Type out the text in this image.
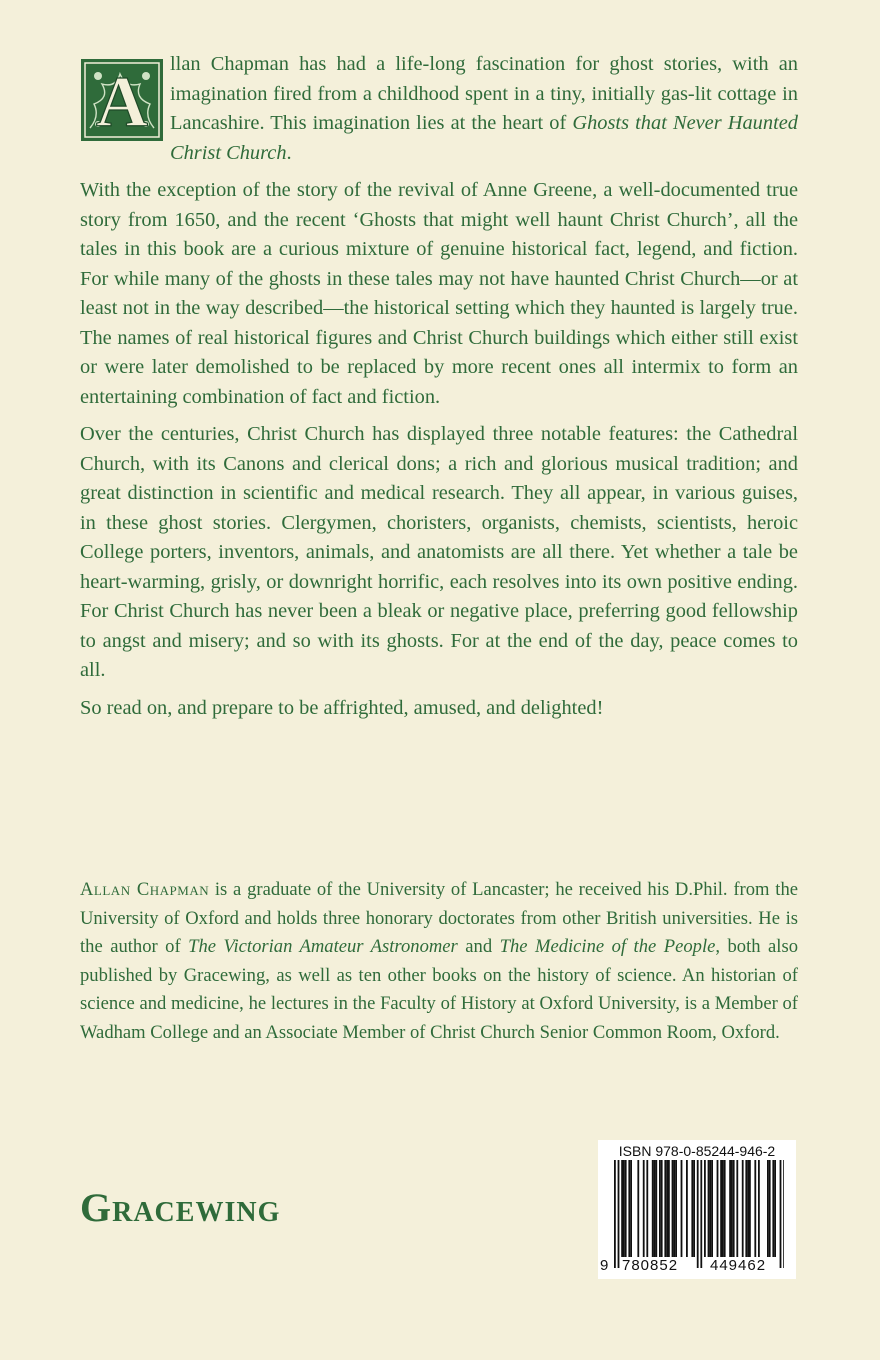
A llan Chapman has had a life-long fascination for ghost stories, with an imagination fired from a childhood spent in a tiny, initially gas-lit cottage in Lancashire. This imagination lies at the heart of Ghosts that Never Haunted Christ Church.

With the exception of the story of the revival of Anne Greene, a well-documented true story from 1650, and the recent ‘Ghosts that might well haunt Christ Church’, all the tales in this book are a curious mixture of genuine historical fact, legend, and fiction. For while many of the ghosts in these tales may not have haunted Christ Church—or at least not in the way described—the historical setting which they haunted is largely true. The names of real historical figures and Christ Church buildings which either still exist or were later demolished to be replaced by more recent ones all intermix to form an entertaining combination of fact and fiction.

Over the centuries, Christ Church has displayed three notable features: the Cathedral Church, with its Canons and clerical dons; a rich and glorious musical tradition; and great distinction in scientific and medical research. They all appear, in various guises, in these ghost stories. Clergymen, choristers, organists, chemists, scientists, heroic College porters, inventors, animals, and anatomists are all there. Yet whether a tale be heart-warming, grisly, or downright horrific, each resolves into its own positive ending. For Christ Church has never been a bleak or negative place, preferring good fellowship to angst and misery; and so with its ghosts. For at the end of the day, peace comes to all.

So read on, and prepare to be affrighted, amused, and delighted!

Allan Chapman is a graduate of the University of Lancaster; he received his D.Phil. from the University of Oxford and holds three honorary doctorates from other British universities. He is the author of The Victorian Amateur Astronomer and The Medicine of the People, both also published by Gracewing, as well as ten other books on the history of science. An historian of science and medicine, he lectures in the Faculty of History at Oxford University, is a Member of Wadham College and an Associate Member of Christ Church Senior Common Room, Oxford.

Gracewing
ISBN 978-0-85244-946-2
9 780852 449462
